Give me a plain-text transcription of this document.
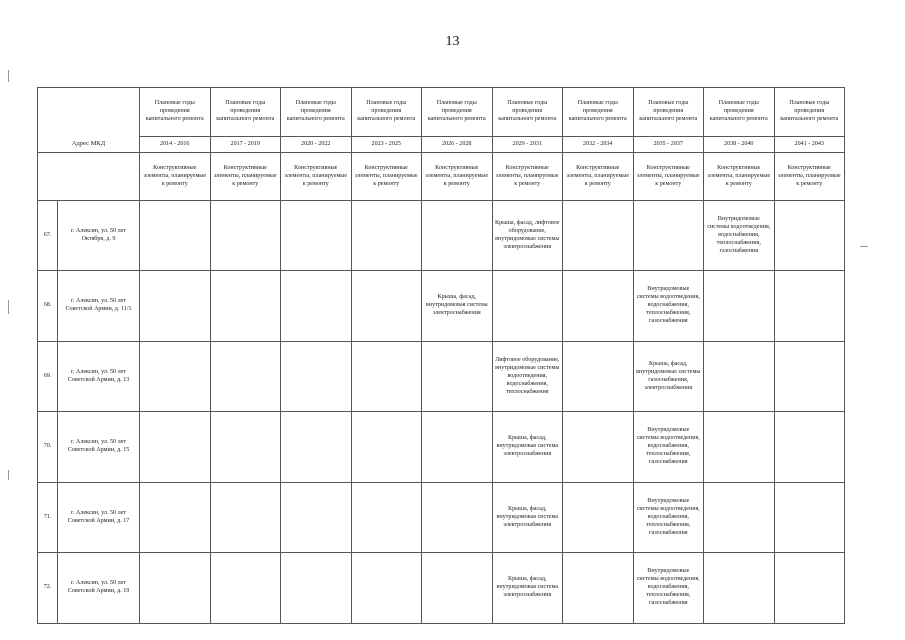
13
Адрес МКД		Плановые годы проведения капитального ремонта	Плановые годы проведения капитального ремонта	Плановые годы проведения капитального ремонта	Плановые годы проведения капитального ремонта	Плановые годы проведения капитального ремонта	Плановые годы проведения капитального ремонта	Плановые годы проведения капитального ремонта	Плановые годы проведения капитального ремонта	Плановые годы проведения капитального ремонта	Плановые годы проведения капитального ремонта
		2014 - 2016	2017 - 2019	2020 - 2022	2023 - 2025	2026 - 2028	2029 - 2031	2032 - 2034	2035 - 2037	2038 - 2040	2041 - 2043
		Конструктивные элементы, планируемые к ремонту	Конструктивные элементы, планируемые к ремонту	Конструктивные элементы, планируемые к ремонту	Конструктивные элементы, планируемые к ремонту	Конструктивные элементы, планируемые к ремонту	Конструктивные элементы, планируемые к ремонту	Конструктивные элементы, планируемые к ремонту	Конструктивные элементы, планируемые к ремонту	Конструктивные элементы, планируемые к ремонту	Конструктивные элементы, планируемые к ремонту
67.	г. Алексин, ул. 50 лет Октября, д. 9						Крыша, фасад, лифтовое оборудование, внутридомовые системы электроснабжения			Внутридомовые системы водоотведения, водоснабжения, теплоснабжения, газоснабжения	
68.	г. Алексин, ул. 50 лет Советской Армии, д. 11/1					Крыша, фасад, внутридомовая система электроснабжения			Внутридомовые системы водоотведения, водоснабжения, теплоснабжения, газоснабжения		
69.	г. Алексин, ул. 50 лет Советской Армии, д. 13						Лифтовое оборудование, внутридомовые системы водоотведения, водоснабжения, теплоснабжения		Крыша, фасад, внутридомовые системы газоснабжения, электроснабжения		
70.	г. Алексин, ул. 50 лет Советской Армии, д. 15						Крыша, фасад, внутридомовая система электроснабжения		Внутридомовые системы водоотведения, водоснабжения, теплоснабжения, газоснабжения		
71.	г. Алексин, ул. 50 лет Советской Армии, д. 17						Крыша, фасад, внутридомовая система электроснабжения		Внутридомовые системы водоотведения, водоснабжения, теплоснабжения, газоснабжения		
72.	г. Алексин, ул. 50 лет Советской Армии, д. 19						Крыша, фасад, внутридомовая система электроснабжения		Внутридомовые системы водоотведения, водоснабжения, теплоснабжения, газоснабжения		
